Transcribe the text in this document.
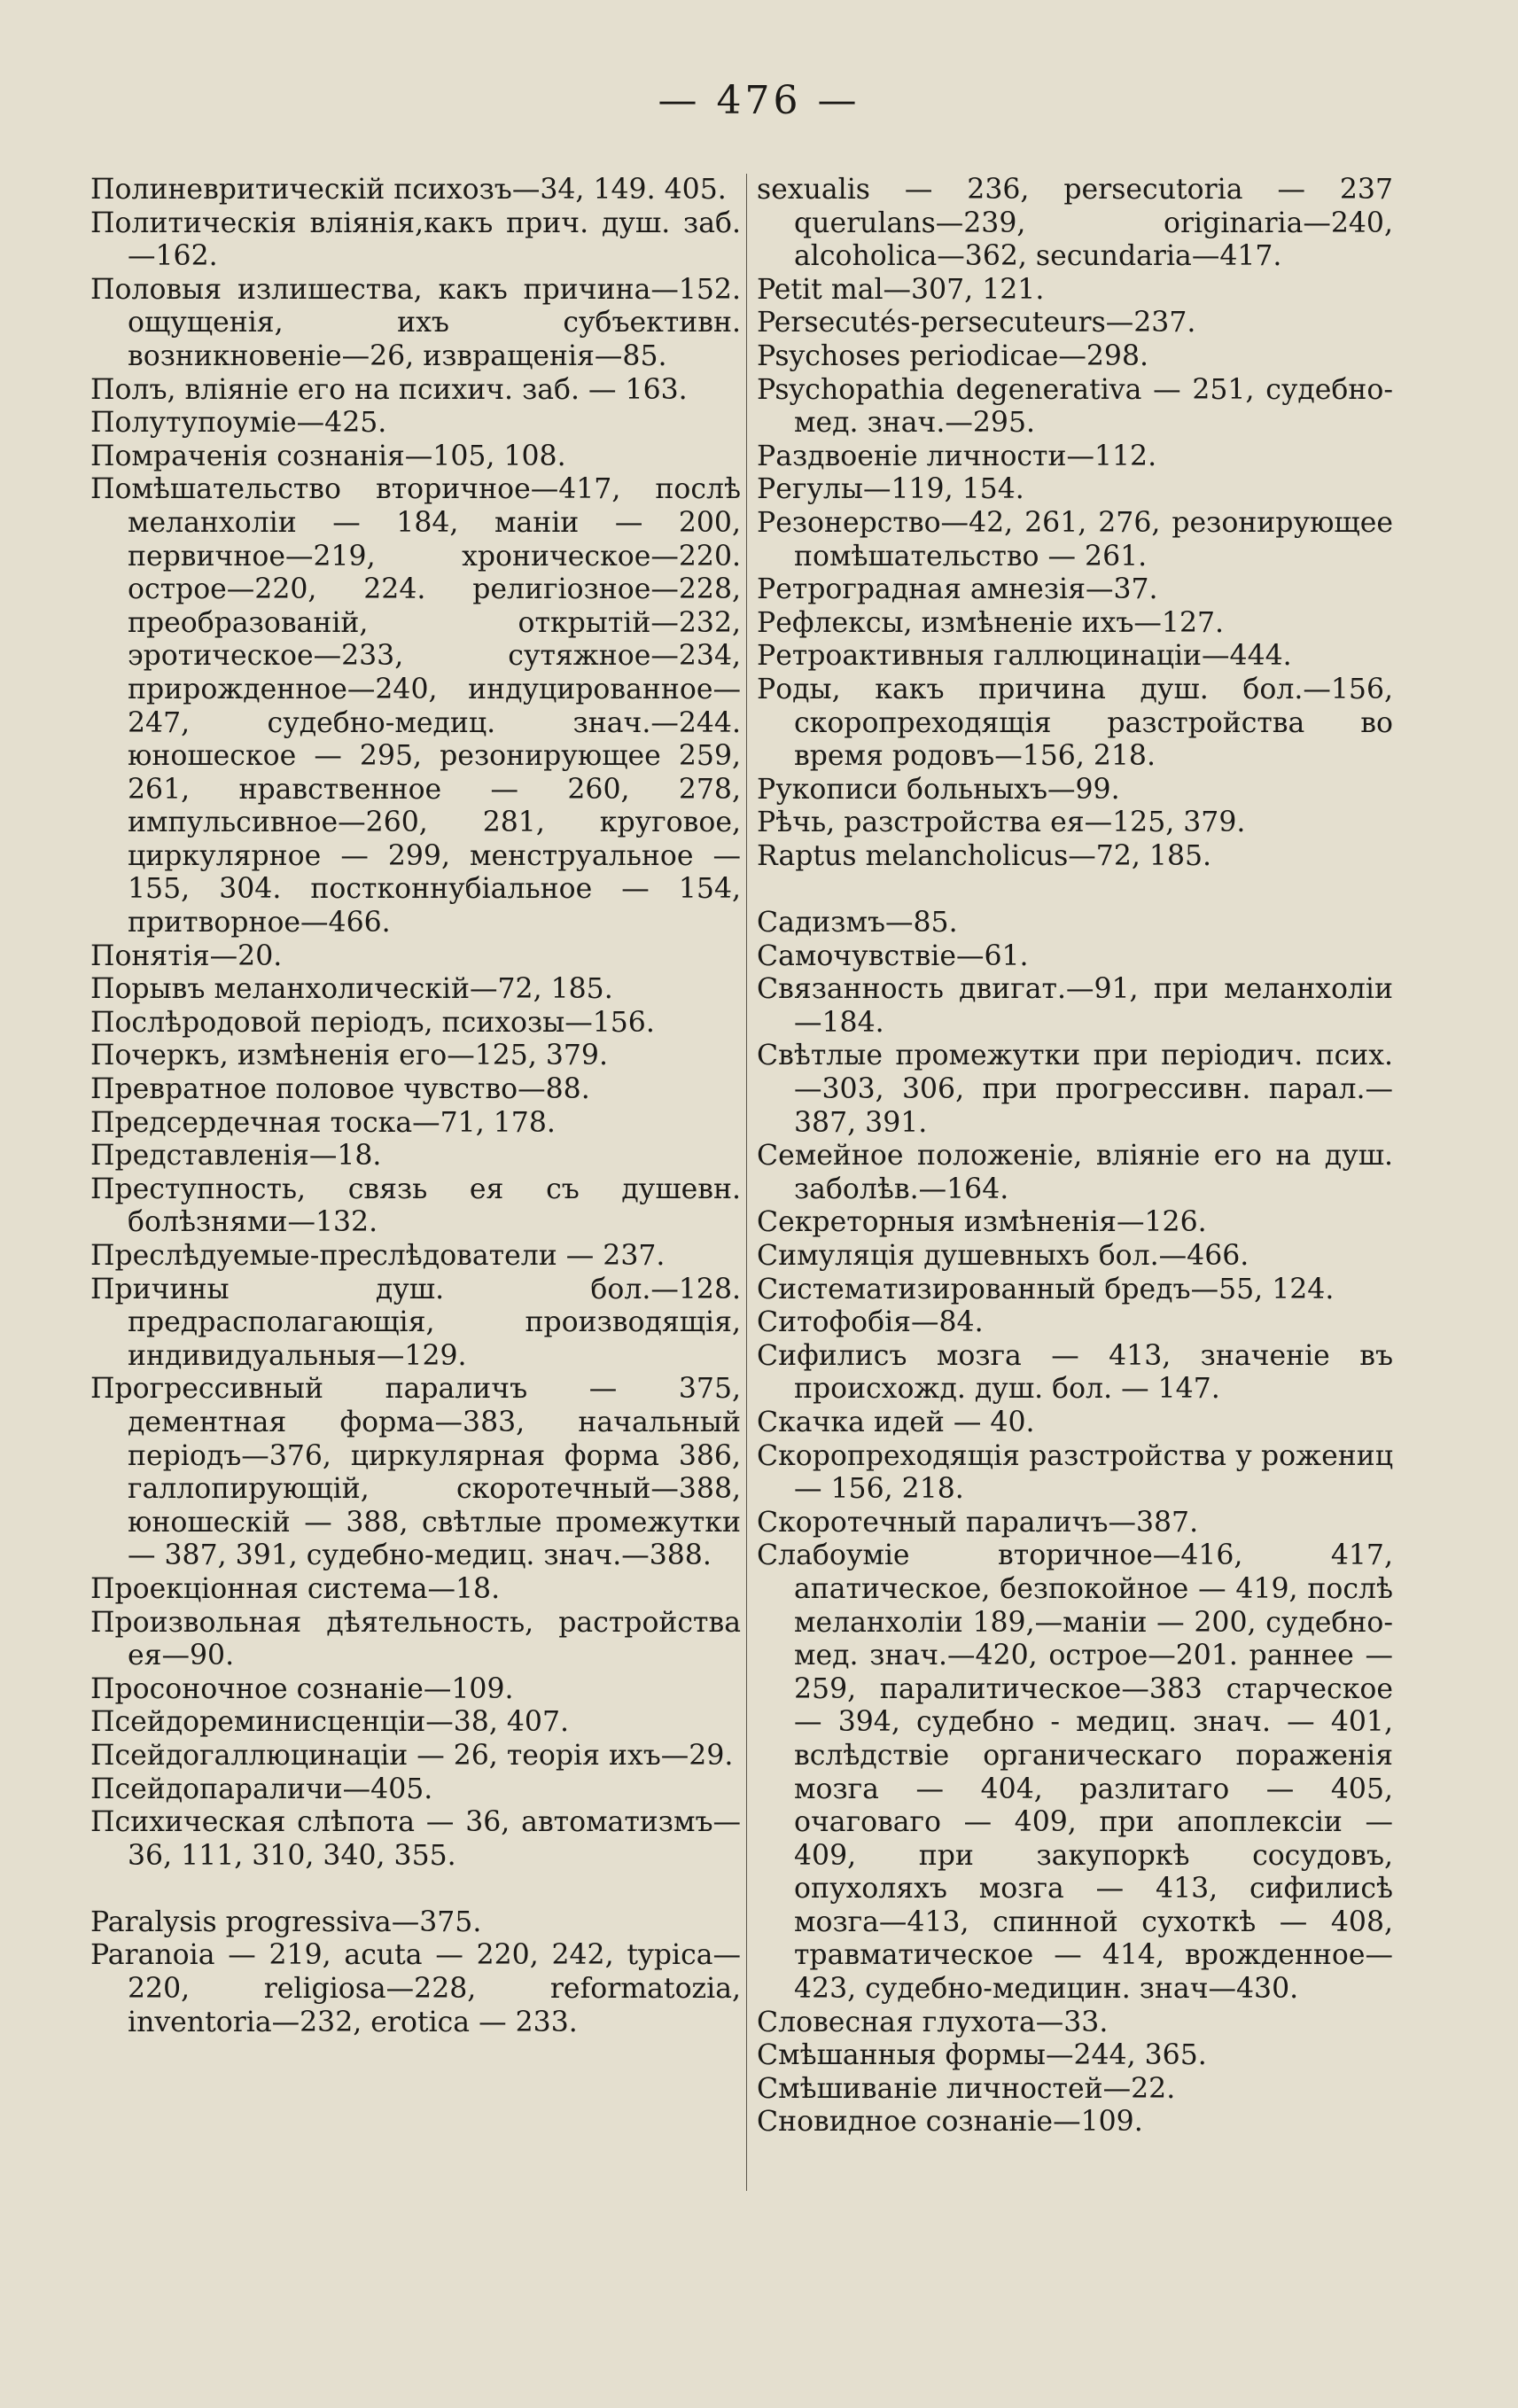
— 476 —
Полиневритическій психозъ—34, 149. 405.
Политическія вліянія,какъ прич. душ. заб.—162.
Половыя излишества, какъ причина—152. ощущенія, ихъ субъективн. возникновеніе—26, извращенія—85.
Полъ, вліяніе его на психич. заб. — 163.
Полутупоумie—425.
Помраченія сознанія—105, 108.
Помѣшательство вторичное—417, послѣ меланхоліи — 184, маніи — 200, первичное—219, хроническое—220. острое—220, 224. религіозное—228, преобразованій, открытій—232, эротическое—233, сутяжное—234, прирожденное—240, индуцированное—247, судебно-медиц. знач.—244. юношеское — 295, резонирующее 259, 261, нравственное — 260, 278, импульсивное—260, 281, круговое, циркулярное — 299, менструальное — 155, 304. постконнубіальное — 154, притворное—466.
Понятія—20.
Порывъ меланхолическій—72, 185.
Послѣродовой періодъ, психозы—156.
Почеркъ, измѣненія его—125, 379.
Превратное половое чувство—88.
Предсердечная тоска—71, 178.
Представленія—18.
Преступность, связь ея съ душевн. болѣзнями—132.
Преслѣдуемые-преслѣдователи — 237.
Причины душ. бол.—128. предрасполагающія, производящія, индивидуальныя—129.
Прогрессивный параличъ — 375, дементная форма—383, начальный періодъ—376, циркулярная форма 386, галлопирующій, скоротечный—388, юношескій — 388, свѣтлые промежутки — 387, 391, судебно-медиц. знач.—388.
Проекціонная система—18.
Произвольная дѣятельность, растройства ея—90.
Просоночное сознаніе—109.
Псейдореминисценціи—38, 407.
Псейдогаллюцинаціи — 26, теорія ихъ—29.
Псейдопараличи—405.
Психическая слѣпота — 36, автоматизмъ—36, 111, 310, 340, 355.
Paralysis progressiva—375.
Paranoia — 219, acuta — 220, 242, typica—220, religiosa—228, reformatozia, inventoria—232, erotica — 233.
sexualis — 236, persecutoria — 237 querulans—239, originaria—240, alcoholica—362, secundaria—417.
Petit mal—307, 121.
Persecutés-persecuteurs—237.
Psychoses periodicae—298.
Psychopathia degenerativa — 251, судебно-мед. знач.—295.
Раздвоеніе личности—112.
Регулы—119, 154.
Резонерство—42, 261, 276, резонирующее помѣшательство — 261.
Ретроградная амнезія—37.
Рефлексы, измѣненіе ихъ—127.
Ретроактивныя галлюцинаціи—444.
Роды, какъ причина душ. бол.—156, скоропреходящія разстройства во время родовъ—156, 218.
Рукописи больныхъ—99.
Рѣчь, разстройства ея—125, 379.
Raptus melancholicus—72, 185.
Садизмъ—85.
Самочувствіе—61.
Связанность двигат.—91, при меланхоліи—184.
Свѣтлые промежутки при періодич. псих.—303, 306, при прогрессивн. парал.—387, 391.
Семейное положеніе, вліяніе его на душ. заболѣв.—164.
Секреторныя измѣненія—126.
Симуляція душевныхъ бол.—466.
Систематизированный бредъ—55, 124.
Ситофобія—84.
Сифилисъ мозга — 413, значеніе въ происхожд. душ. бол. — 147.
Скачка идей — 40.
Скоропреходящія разстройства у рожениц — 156, 218.
Скоротечный параличъ—387.
Слабоуміе вторичное—416, 417, апатическое, безпокойное — 419, послѣ меланхоліи 189,—маніи — 200, судебно-мед. знач.—420, острое—201. раннее — 259, паралитическое—383 старческое — 394, судебно - медиц. знач. — 401, вслѣдствіе органическаго пораженія мозга — 404, разлитаго — 405, очаговаго — 409, при апоплексіи — 409, при закупоркѣ сосудовъ, опухоляхъ мозга — 413, сифилисѣ мозга—413, спинной сухоткѣ — 408, травматическое — 414, врожденное—423, судебно-медицин. знач—430.
Словесная глухота—33.
Смѣшанныя формы—244, 365.
Смѣшиваніе личностей—22.
Сновидное сознаніе—109.
